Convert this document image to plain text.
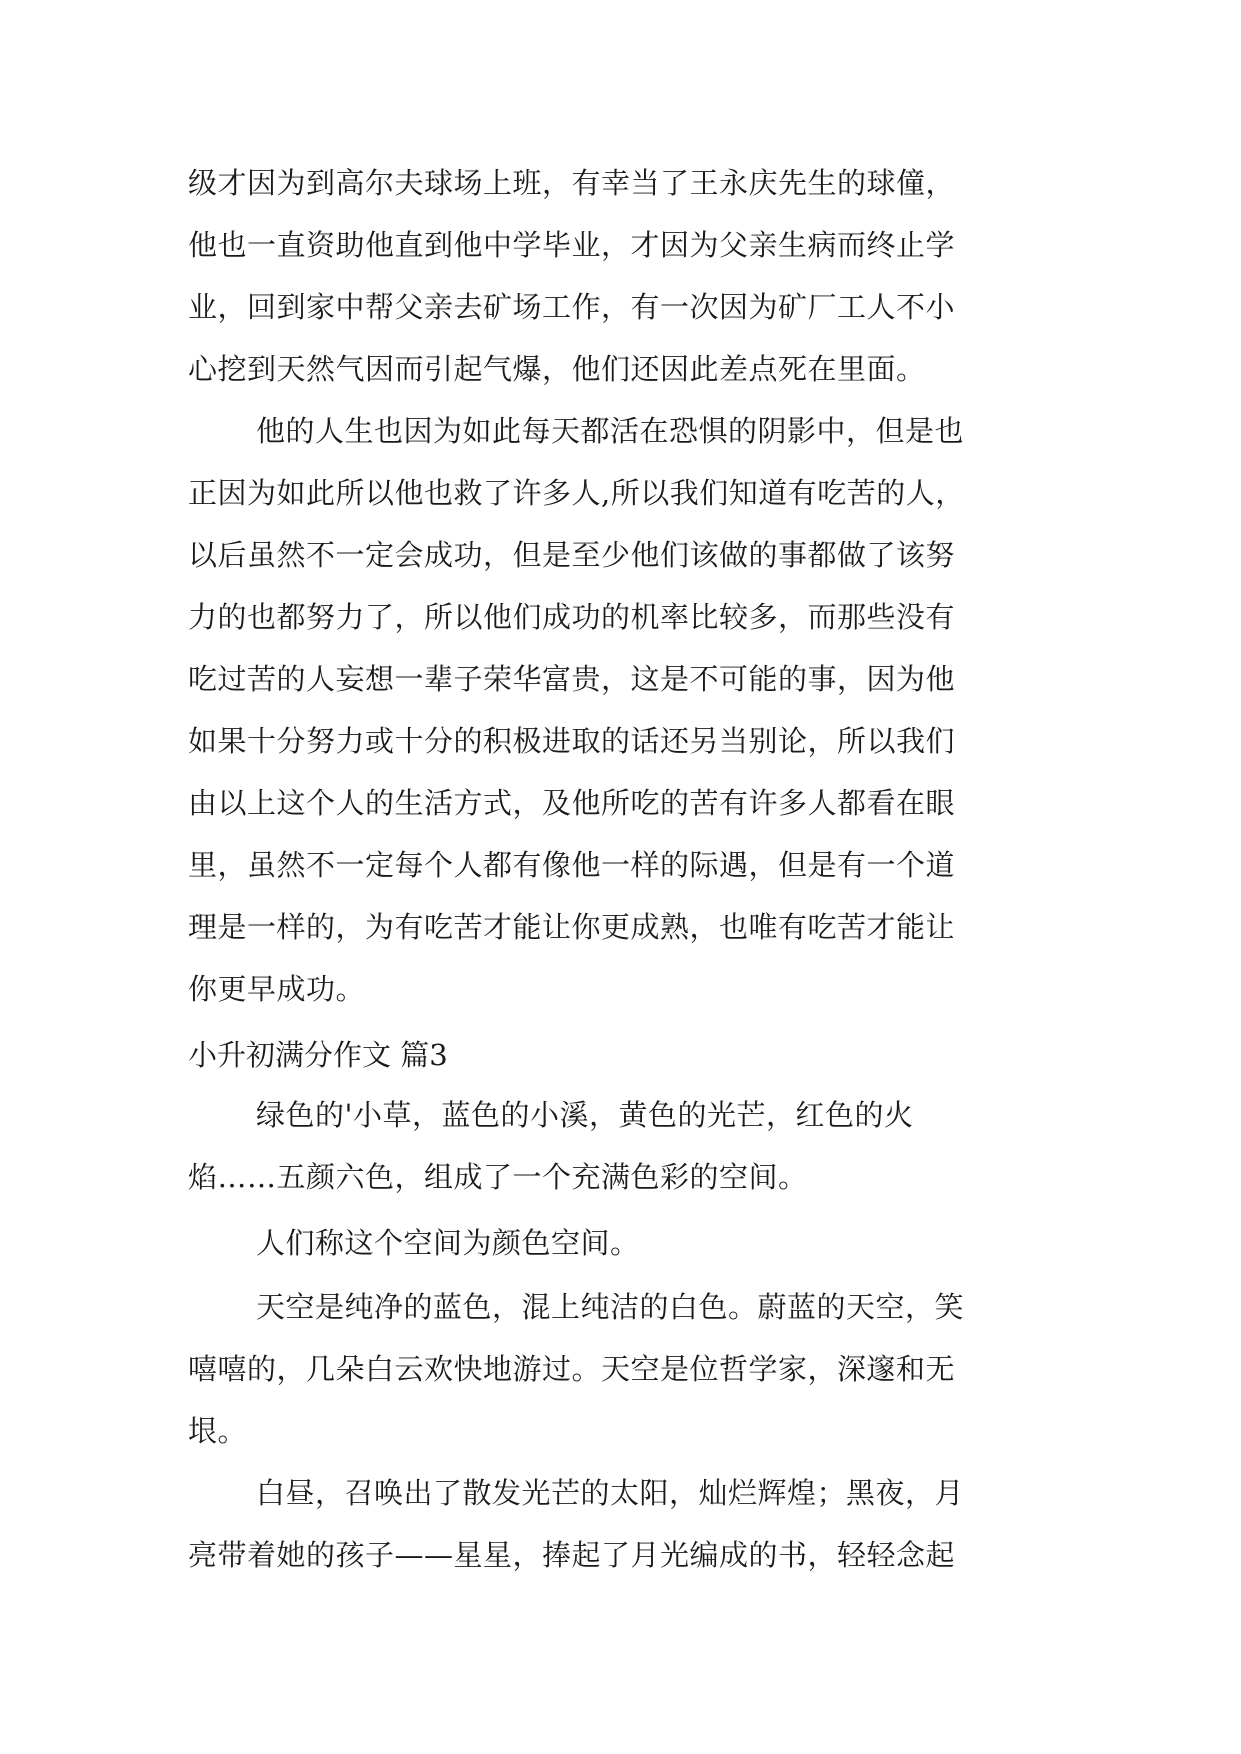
级才因为到高尔夫球场上班，有幸当了王永庆先生的球僮，
他也一直资助他直到他中学毕业，才因为父亲生病而终止学
业，回到家中帮父亲去矿场工作，有一次因为矿厂工人不小
心挖到天然气因而引起气爆，他们还因此差点死在里面。
他的人生也因为如此每天都活在恐惧的阴影中，但是也
正因为如此所以他也救了许多人,所以我们知道有吃苦的人，
以后虽然不一定会成功，但是至少他们该做的事都做了该努
力的也都努力了，所以他们成功的机率比较多，而那些没有
吃过苦的人妄想一辈子荣华富贵，这是不可能的事，因为他
如果十分努力或十分的积极进取的话还另当别论，所以我们
由以上这个人的生活方式，及他所吃的苦有许多人都看在眼
里，虽然不一定每个人都有像他一样的际遇，但是有一个道
理是一样的，为有吃苦才能让你更成熟，也唯有吃苦才能让
你更早成功。
小升初满分作文 篇3
绿色的'小草，蓝色的小溪，黄色的光芒，红色的火
焰……五颜六色，组成了一个充满色彩的空间。
人们称这个空间为颜色空间。
天空是纯净的蓝色，混上纯洁的白色。蔚蓝的天空，笑
嘻嘻的，几朵白云欢快地游过。天空是位哲学家，深邃和无
垠。
白昼，召唤出了散发光芒的太阳，灿烂辉煌；黑夜，月
亮带着她的孩子——星星，捧起了月光编成的书，轻轻念起
